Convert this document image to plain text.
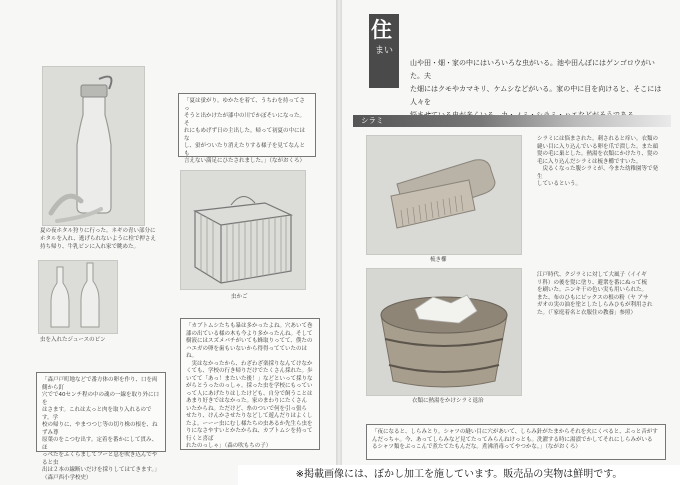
夏の夜ホタル狩りに行った。ネギの青い部分に
ホタルを入れ、逃げられないように栓で押さえ
持ち帰り、牛乳ビンに入れ家で眺めた。
虫を入れたジュースのビン
「夏は蛍がり。ゆかたを着て、うちわを持ってさっ
そうと出かけたが漆中の川でかぼそいになった。そ
れにもめげず日の主出した。帰って初夏の中にはな
し、蛍がついたり消えたりする様子を見てなんとも
言えない満足にひたされました。」（ながおくろ）
虫かご
「カブトムシたちも暴は多かったよね。穴あいて巻
漆の出ている様の木も今より多かったんね。そして
樹液にはスズメバチがいても蜂取りってて、僕たの
ハエガの卵を歯もいないから得得ってていたのはね。
　実はなかったから、わざわざ楽採りなんてけなか
くても、学校の行き帰りだけでたくさん採れた。歩
いてて「あっ！またいた後！」などといって採りな
がらとうったのっしゃ。採った虫を学校にもってい
って人にあげたりはしたけども、自分で飼うことは
あまり好きではなかった。家のまわりにたくさん
いたからね。ただけど、糸のついで何を引っ張ら
せたり、けんかさせたりなどして遊んだりはよくし
たよ。ーーー虫にむし様たちの虫あるか先生ら虫を
りになさやすいとかたからね、カブトムシを持って行くと喜ば
れたのっしゃ」（森の吹もちの子）
「森戸戸町地などで番方体の卵を作り、口を両側から釘
穴でで40センチ程の中の魂の一線を取り外に口を
はさます。これは太っと肉を取り入れるのです。学
校の帰りに、やまつつじ等の切り株の根を、ねずみ尊
原葉のをこつむ出す。定着を番かにして貫み、ほ
っぺたをふくらましてフーと息を吹き込んでやると虫
出は２本の線断いだけを採りしてはてきます。」
（森戸西小学校史）
住
まい
山や田・畑・家の中にはいろいろな虫がいる。池や田んぼにはゲンゴロウがいた。夫
た畑にはクモやカマキリ、ケムシなどがいる。家の中に目を向けると、そこには人々を

シラミ
梳き櫛
シラミには悩まされた。刺されると痒い。衣類の
縫い目に入り込んでいる卵を爪で潰した。また頭
髪の毛に巣とした。熱湯を衣類にかけたり、髪の
毛に入り込んだシラミは梳き櫛ですいた。
　戻るくなった腹シラミが、今また幼稚園等で発生
しているという。
衣類に熱湯をかけシラミ退治
江戸時代、クジラミに対して大風子（イイギ
リ科）の後を髪に塗り、避衆を番にぬって梳
を刷いた。ニンキ干の色い実も用いられた。
また、布のひもにビックスの根の粉（ヤ アサ
ガオの実の油を塗としたしらみひもが利用され
た。（「家庭着名と衣服住の教養」参照）
「夜になると、しらみとり。シャツの縫い目に穴があいて、しらみ針がたまからそれを火にくべると、ぷっと音がす
んだっちゃ。今、あってしらみなど見てたってみらんねけっとも。洗濯する時に湯漬でかしてそれにしらみがいる
るシャツ類をぶっこんで煮たてたもんだな。煮沸消毒ってやつかな。」（ながおくろ）
※掲載画像には、ぼかし加工を施しています。販売品の実物は鮮明です。
